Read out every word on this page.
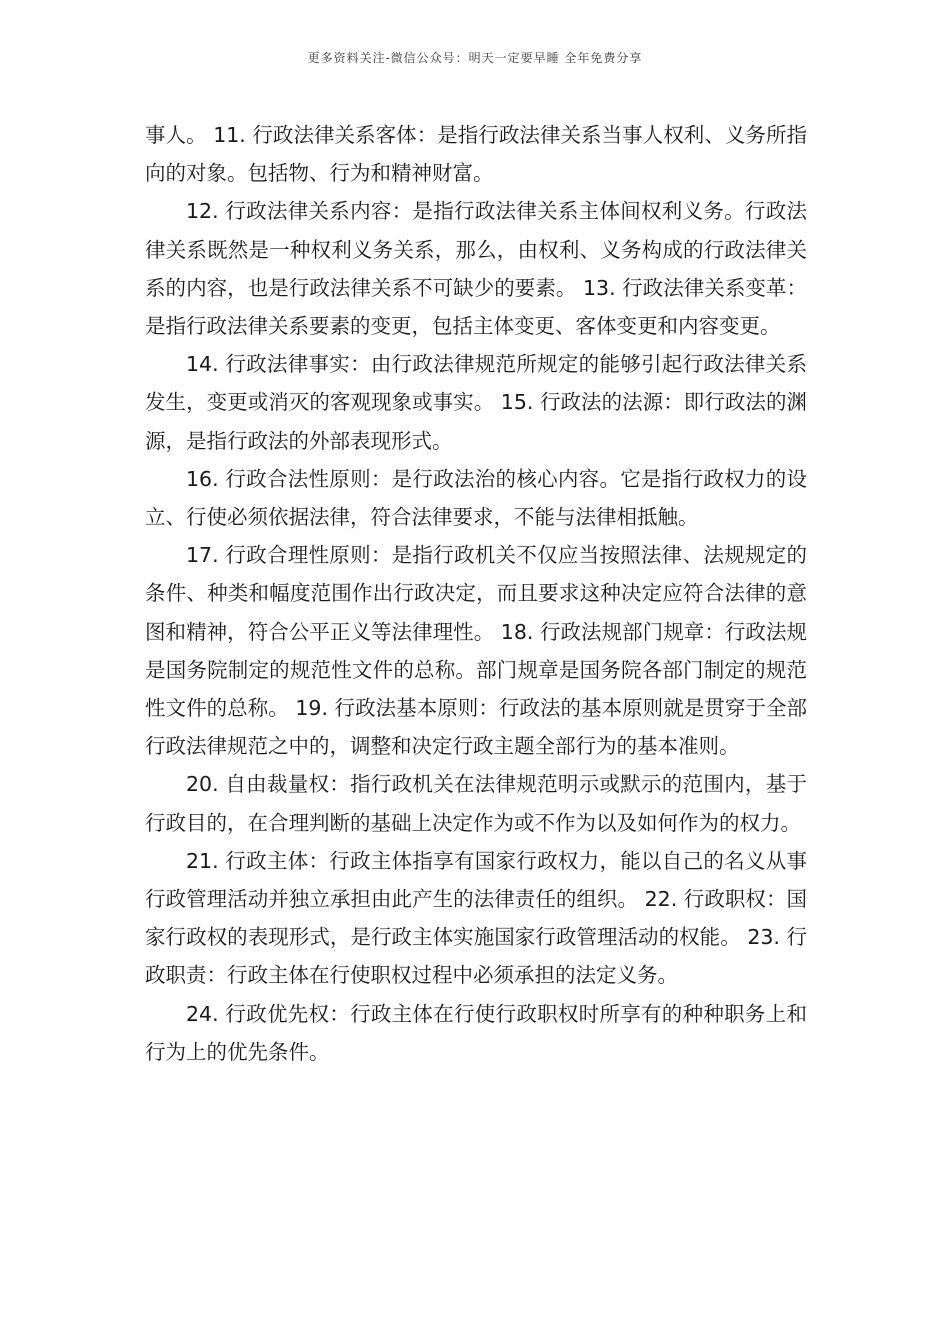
更多资料关注-微信公众号：明天一定要早睡 全年免费分享

事人。 11. 行政法律关系客体：是指行政法律关系当事人权利、义务所指向的对象。包括物、行为和精神财富。

12. 行政法律关系内容：是指行政法律关系主体间权利义务。行政法律关系既然是一种权利义务关系，那么，由权利、义务构成的行政法律关系的内容，也是行政法律关系不可缺少的要素。 13. 行政法律关系变革：是指行政法律关系要素的变更，包括主体变更、客体变更和内容变更。

14. 行政法律事实：由行政法律规范所规定的能够引起行政法律关系发生，变更或消灭的客观现象或事实。 15. 行政法的法源：即行政法的渊源，是指行政法的外部表现形式。

16. 行政合法性原则：是行政法治的核心内容。它是指行政权力的设立、行使必须依据法律，符合法律要求，不能与法律相抵触。

17. 行政合理性原则：是指行政机关不仅应当按照法律、法规规定的条件、种类和幅度范围作出行政决定，而且要求这种决定应符合法律的意图和精神，符合公平正义等法律理性。 18. 行政法规部门规章：行政法规是国务院制定的规范性文件的总称。部门规章是国务院各部门制定的规范性文件的总称。 19. 行政法基本原则：行政法的基本原则就是贯穿于全部行政法律规范之中的，调整和决定行政主题全部行为的基本准则。

20. 自由裁量权：指行政机关在法律规范明示或默示的范围内，基于行政目的，在合理判断的基础上决定作为或不作为以及如何作为的权力。

21. 行政主体：行政主体指享有国家行政权力，能以自己的名义从事行政管理活动并独立承担由此产生的法律责任的组织。 22. 行政职权：国家行政权的表现形式，是行政主体实施国家行政管理活动的权能。 23. 行政职责：行政主体在行使职权过程中必须承担的法定义务。

24. 行政优先权：行政主体在行使行政职权时所享有的种种职务上和行为上的优先条件。
